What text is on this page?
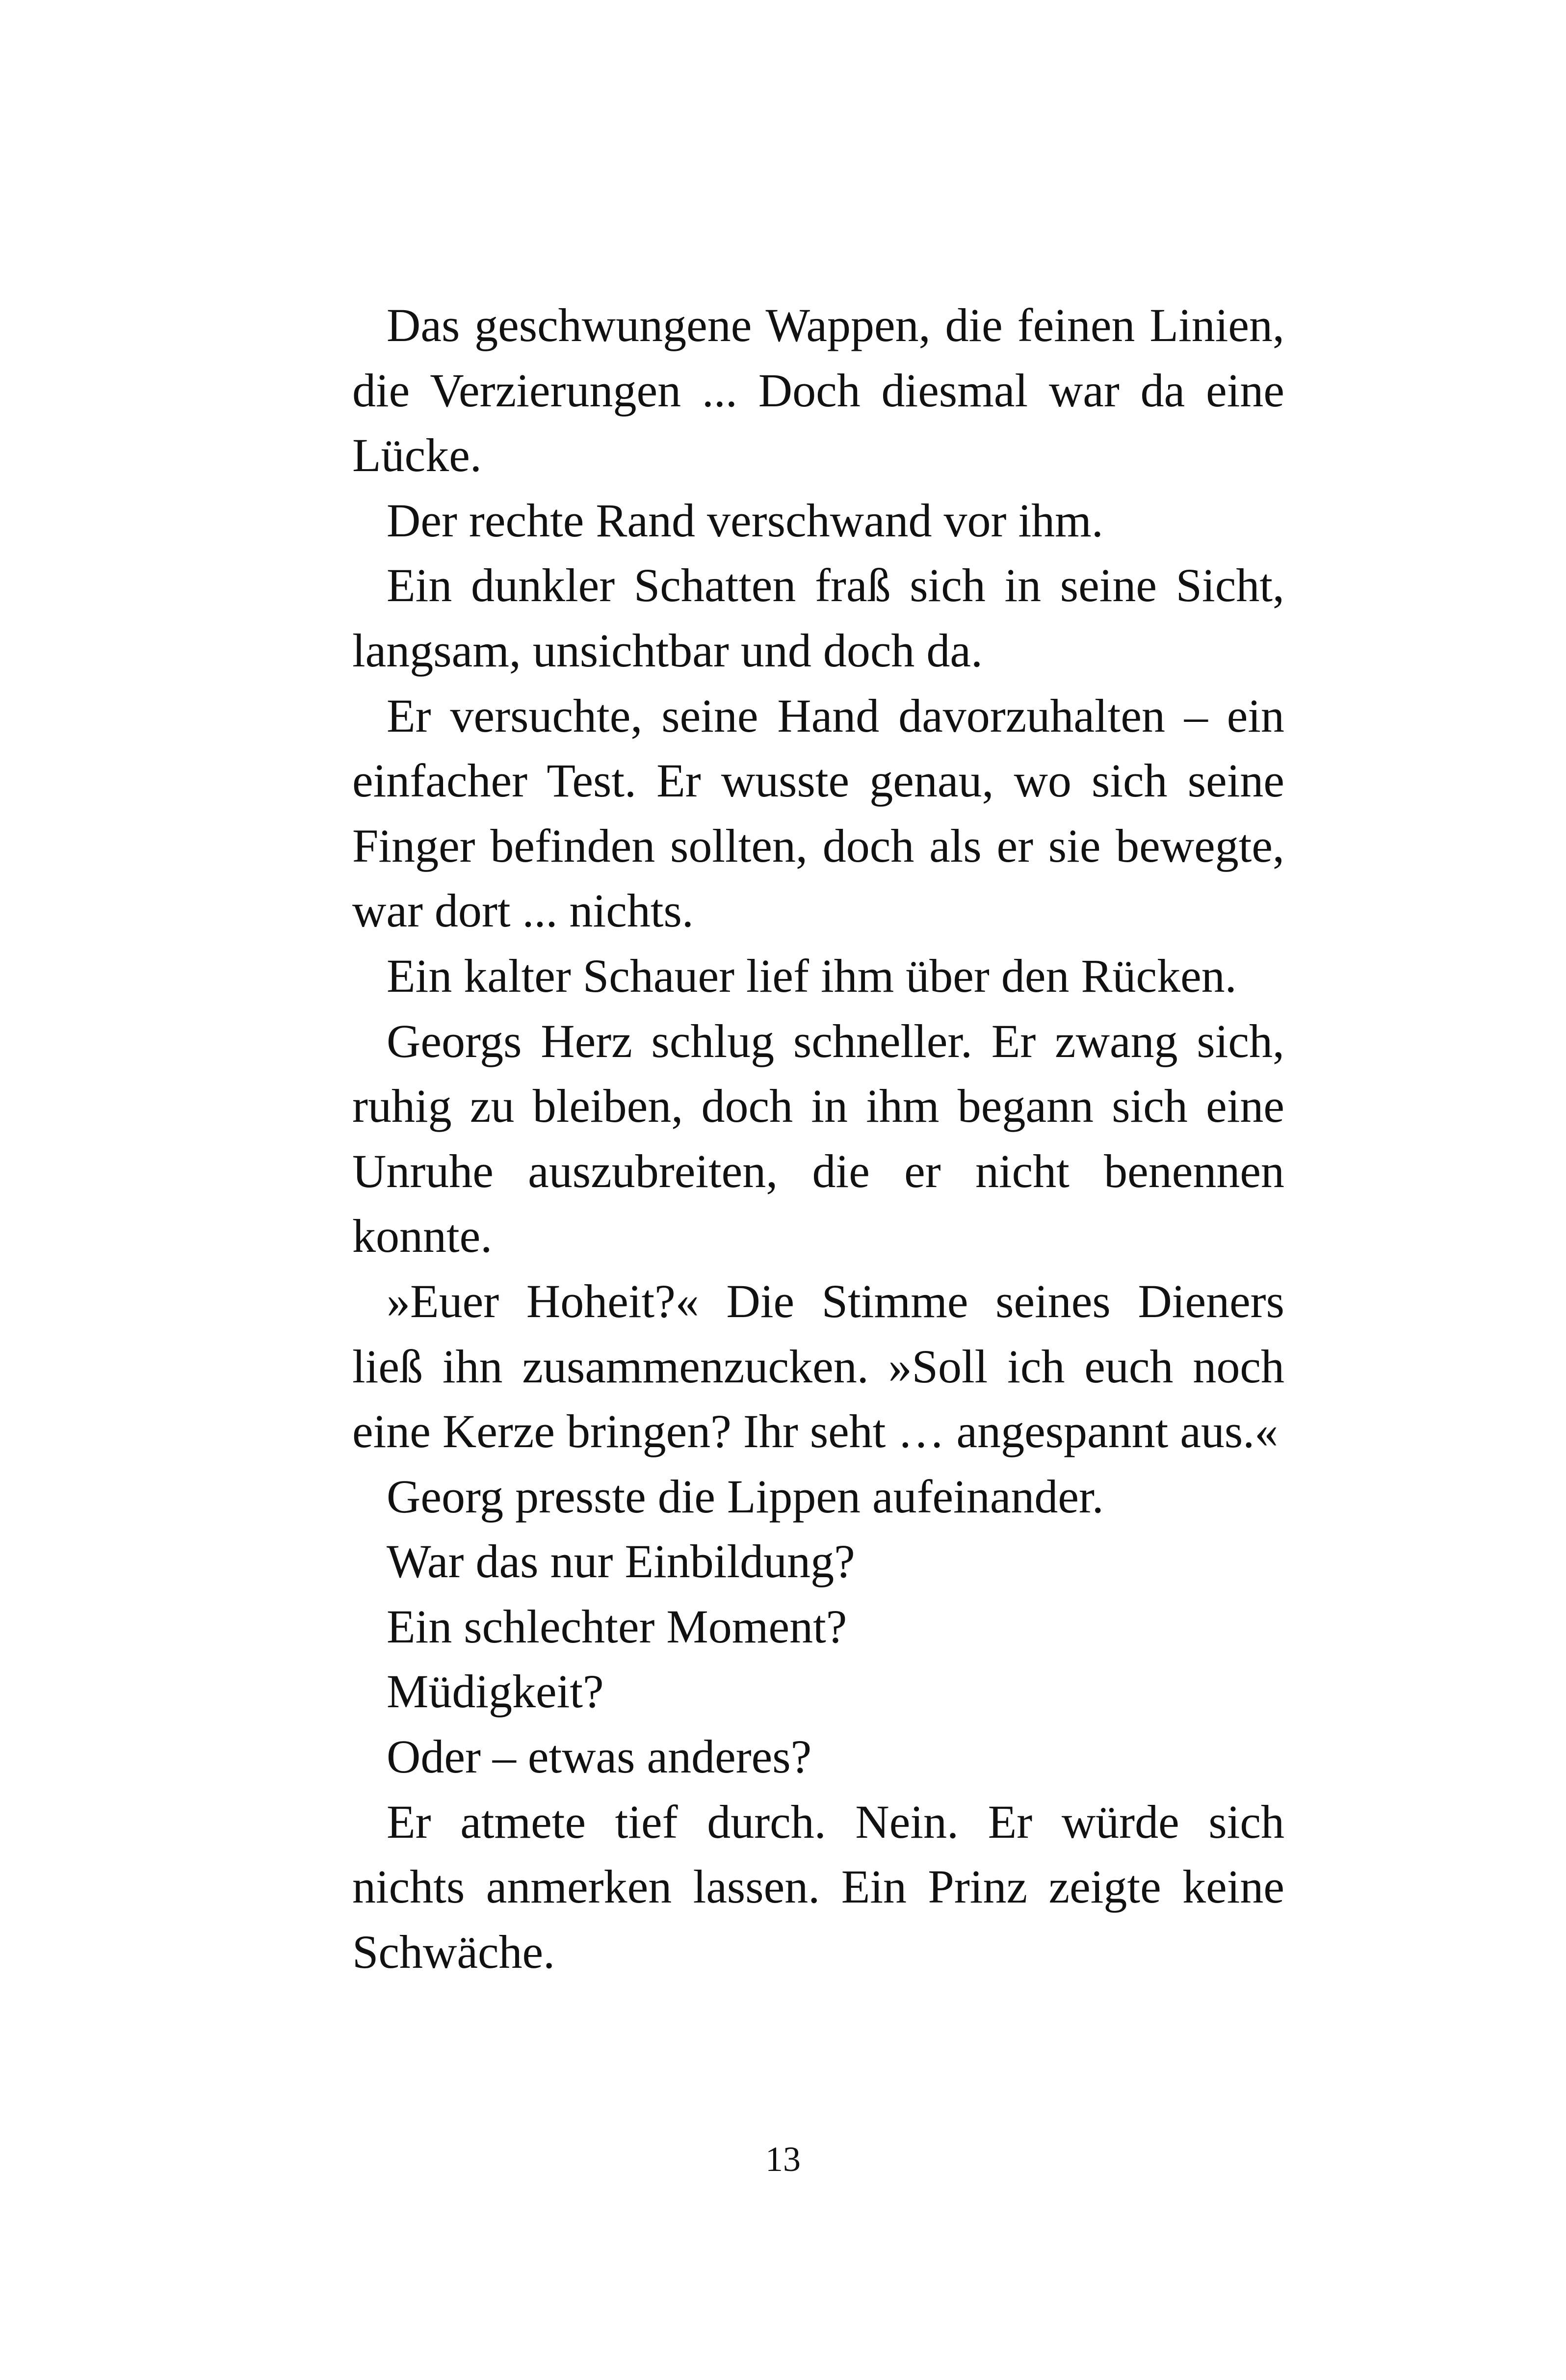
Das geschwungene Wappen, die feinen Linien, die Verzierungen ... Doch diesmal war da eine Lücke.

Der rechte Rand verschwand vor ihm.

Ein dunkler Schatten fraß sich in seine Sicht, langsam, unsichtbar und doch da.

Er versuchte, seine Hand davorzuhalten – ein einfacher Test. Er wusste genau, wo sich seine Finger befinden sollten, doch als er sie bewegte, war dort ... nichts.

Ein kalter Schauer lief ihm über den Rücken.

Georgs Herz schlug schneller. Er zwang sich, ruhig zu bleiben, doch in ihm begann sich eine Unruhe auszubreiten, die er nicht benennen konnte.

»Euer Hoheit?« Die Stimme seines Dieners ließ ihn zusammenzucken. »Soll ich euch noch eine Kerze bringen? Ihr seht … angespannt aus.«

Georg presste die Lippen aufeinander.

War das nur Einbildung?

Ein schlechter Moment?

Müdigkeit?

Oder – etwas anderes?

Er atmete tief durch. Nein. Er würde sich nichts anmerken lassen. Ein Prinz zeigte keine Schwäche.

13
